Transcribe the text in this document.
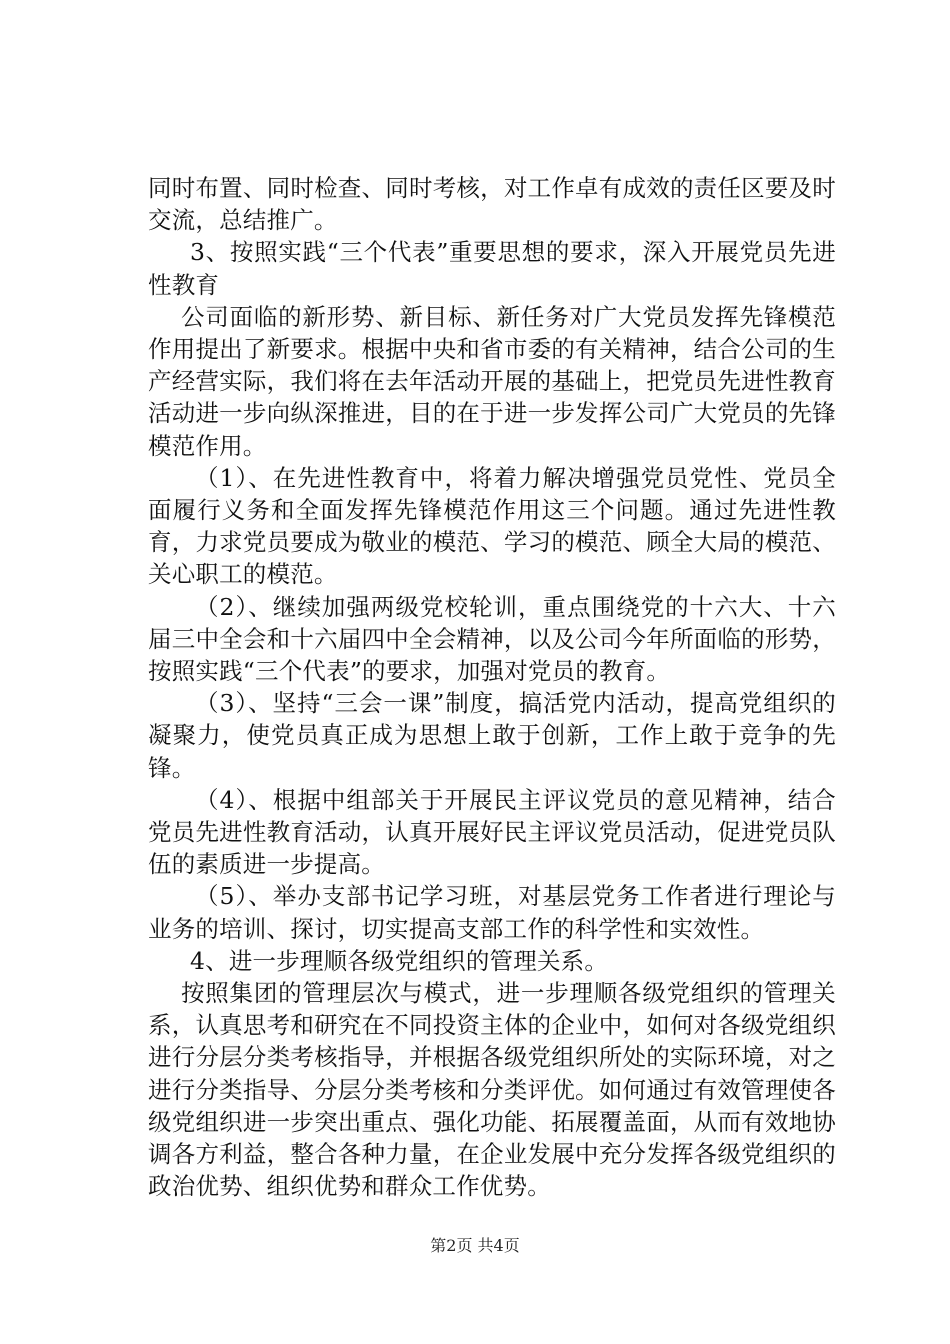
同时布置、同时检查、同时考核，对工作卓有成效的责任区要及时交流，总结推广。

3、按照实践“三个代表”重要思想的要求，深入开展党员先进性教育

公司面临的新形势、新目标、新任务对广大党员发挥先锋模范作用提出了新要求。根据中央和省市委的有关精神，结合公司的生产经营实际，我们将在去年活动开展的基础上，把党员先进性教育活动进一步向纵深推进，目的在于进一步发挥公司广大党员的先锋模范作用。

（1）、在先进性教育中，将着力解决增强党员党性、党员全面履行义务和全面发挥先锋模范作用这三个问题。通过先进性教育，力求党员要成为敬业的模范、学习的模范、顾全大局的模范、关心职工的模范。

（2）、继续加强两级党校轮训，重点围绕党的十六大、十六届三中全会和十六届四中全会精神，以及公司今年所面临的形势，按照实践“三个代表”的要求，加强对党员的教育。

（3）、坚持“三会一课”制度，搞活党内活动，提高党组织的凝聚力，使党员真正成为思想上敢于创新，工作上敢于竞争的先锋。

（4）、根据中组部关于开展民主评议党员的意见精神，结合党员先进性教育活动，认真开展好民主评议党员活动，促进党员队伍的素质进一步提高。

（5）、举办支部书记学习班，对基层党务工作者进行理论与业务的培训、探讨，切实提高支部工作的科学性和实效性。

4、进一步理顺各级党组织的管理关系。

按照集团的管理层次与模式，进一步理顺各级党组织的管理关系，认真思考和研究在不同投资主体的企业中，如何对各级党组织进行分层分类考核指导，并根据各级党组织所处的实际环境，对之进行分类指导、分层分类考核和分类评优。如何通过有效管理使各级党组织进一步突出重点、强化功能、拓展覆盖面，从而有效地协调各方利益，整合各种力量，在企业发展中充分发挥各级党组织的政治优势、组织优势和群众工作优势。

第2页 共4页
